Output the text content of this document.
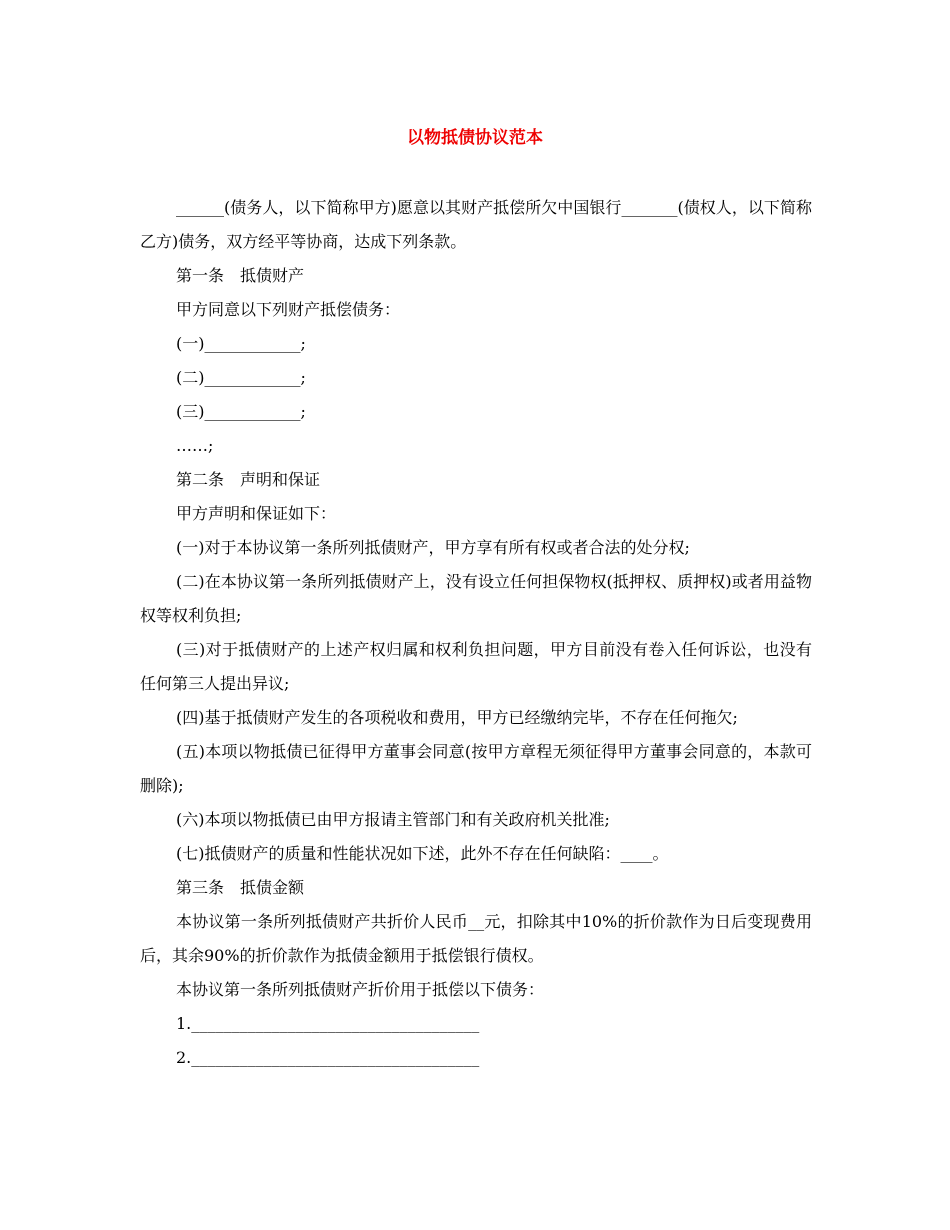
以物抵债协议范本

______(债务人，以下简称甲方)愿意以其财产抵偿所欠中国银行_______(债权人，以下简称乙方)债务，双方经平等协商，达成下列条款。

第一条　抵债财产

甲方同意以下列财产抵偿债务：

(一)____________;

(二)____________;

(三)____________;

……;

第二条　声明和保证

甲方声明和保证如下：

(一)对于本协议第一条所列抵债财产，甲方享有所有权或者合法的处分权;

(二)在本协议第一条所列抵债财产上，没有设立任何担保物权(抵押权、质押权)或者用益物权等权利负担;

(三)对于抵债财产的上述产权归属和权利负担问题，甲方目前没有卷入任何诉讼，也没有任何第三人提出异议;

(四)基于抵债财产发生的各项税收和费用，甲方已经缴纳完毕，不存在任何拖欠;

(五)本项以物抵债已征得甲方董事会同意(按甲方章程无须征得甲方董事会同意的，本款可删除);

(六)本项以物抵债已由甲方报请主管部门和有关政府机关批准;

(七)抵债财产的质量和性能状况如下述，此外不存在任何缺陷：____。

第三条　抵债金额

本协议第一条所列抵债财产共折价人民币__元，扣除其中10%的折价款作为日后变现费用后，其余90%的折价款作为抵债金额用于抵偿银行债权。

本协议第一条所列抵债财产折价用于抵偿以下债务：

1.____________________________________

2.____________________________________
